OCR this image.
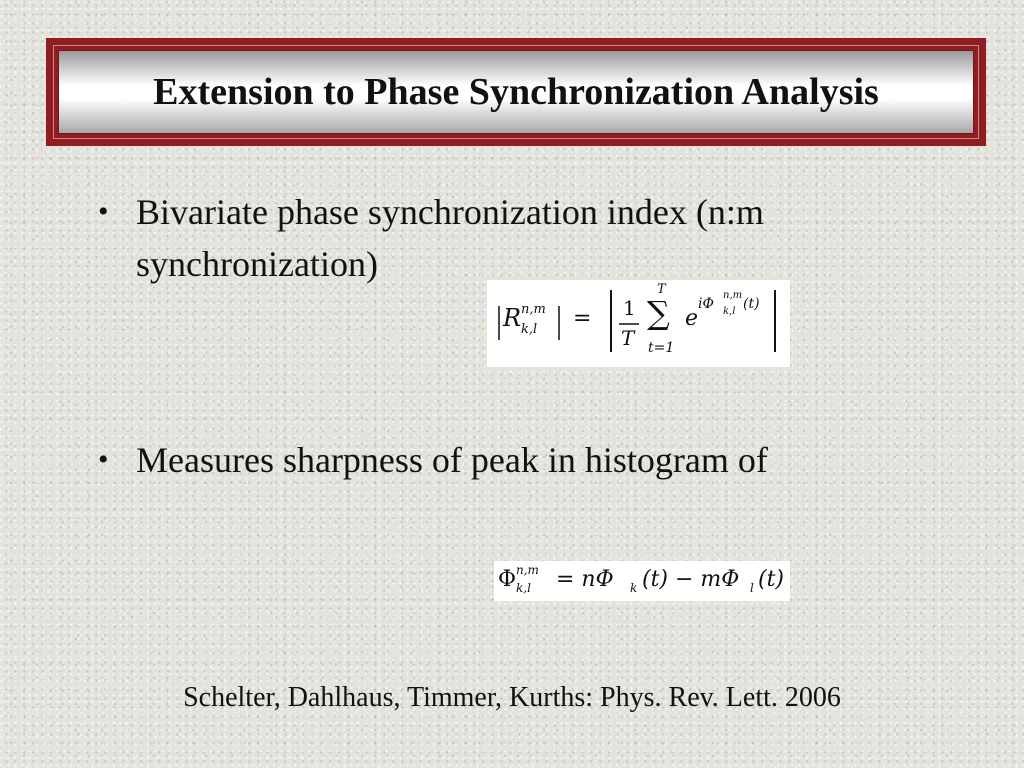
Extension to Phase Synchronization Analysis
• Bivariate phase synchronization index (n:m
synchronization)
R n,m
k,l = 1
T
T
∑
t=1
e
iΦ
n,m
k,l (t)
• Measures sharpness of peak in histogram of
Φ n,m
k,l = nΦ k (t) − mΦ l (t)
Schelter, Dahlhaus, Timmer, Kurths: Phys. Rev. Lett. 2006
